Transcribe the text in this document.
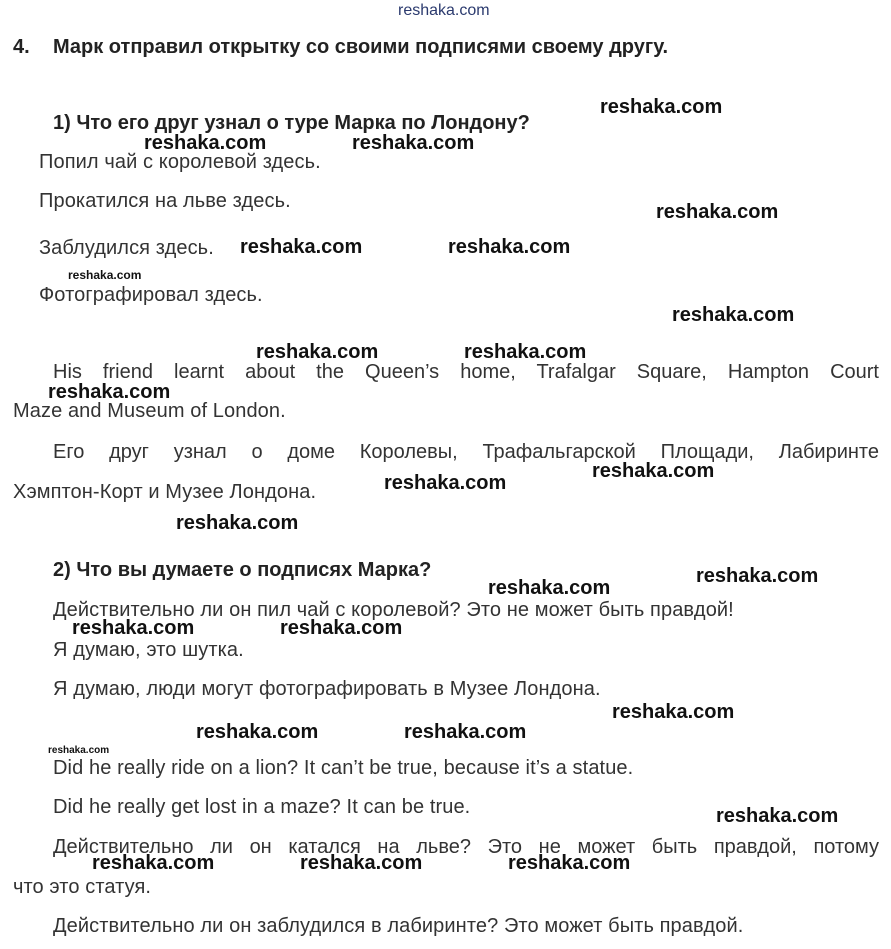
reshaka.com
4. Марк отправил открытку со своими подписями своему другу.
1) Что его друг узнал о туре Марка по Лондону?
Попил чай с королевой здесь.
Прокатился на льве здесь.
Заблудился здесь.
Фотографировал здесь.
His friend learnt about the Queen’s home, Trafalgar Square, Hampton Court
Maze and Museum of London.
Его друг узнал о доме Королевы, Трафальгарской Площади, Лабиринте
Хэмптон-Корт и Музее Лондона.
2) Что вы думаете о подписях Марка?
Действительно ли он пил чай с королевой? Это не может быть правдой!
Я думаю, это шутка.
Я думаю, люди могут фотографировать в Музее Лондона.
Did he really ride on a lion? It can’t be true, because it’s a statue.
Did he really get lost in a maze? It can be true.
Действительно ли он катался на льве? Это не может быть правдой, потому
что это статуя.
Действительно ли он заблудился в лабиринте? Это может быть правдой.
reshaka.com
reshaka.com	reshaka.com
reshaka.com
reshaka.com	reshaka.com
reshaka.com
reshaka.com
reshaka.com	reshaka.com
reshaka.com
reshaka.com
reshaka.com
reshaka.com
reshaka.com
reshaka.com
reshaka.com	reshaka.com
reshaka.com
reshaka.com	reshaka.com
reshaka.com
reshaka.com
reshaka.com	reshaka.com	reshaka.com
